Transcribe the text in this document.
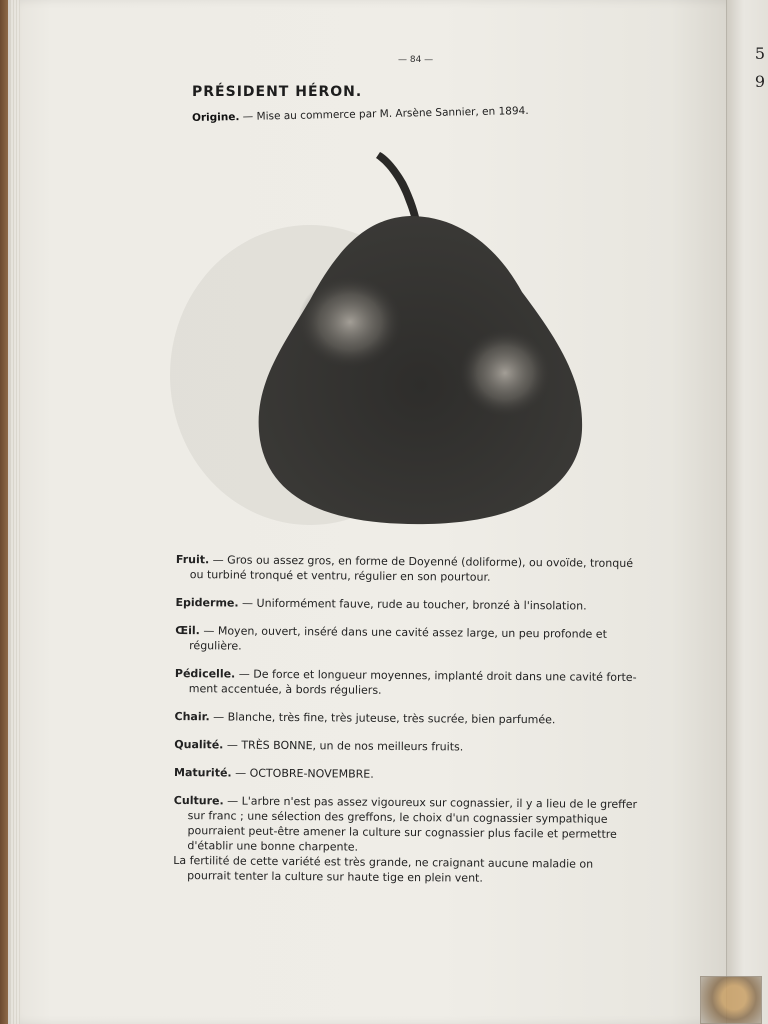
5
9
— 84 —
PRÉSIDENT HÉRON.
Origine. — Mise au commerce par M. Arsène Sannier, en 1894.

Fruit. — Gros ou assez gros, en forme de Doyenné (doliforme), ou ovoïde, tronqué

ou turbiné tronqué et ventru, régulier en son pourtour.

Epiderme. — Uniformément fauve, rude au toucher, bronzé à l'insolation.

Œil. — Moyen, ouvert, inséré dans une cavité assez large, un peu profonde et

régulière.

Pédicelle. — De force et longueur moyennes, implanté droit dans une cavité forte-

ment accentuée, à bords réguliers.

Chair. — Blanche, très fine, très juteuse, très sucrée, bien parfumée.

Qualité. — TRÈS BONNE, un de nos meilleurs fruits.

Maturité. — OCTOBRE-NOVEMBRE.

Culture. — L'arbre n'est pas assez vigoureux sur cognassier, il y a lieu de le greffer

sur franc ; une sélection des greffons, le choix d'un cognassier sympathique

pourraient peut-être amener la culture sur cognassier plus facile et permettre

d'établir une bonne charpente.

La fertilité de cette variété est très grande, ne craignant aucune maladie on

pourrait tenter la culture sur haute tige en plein vent.
